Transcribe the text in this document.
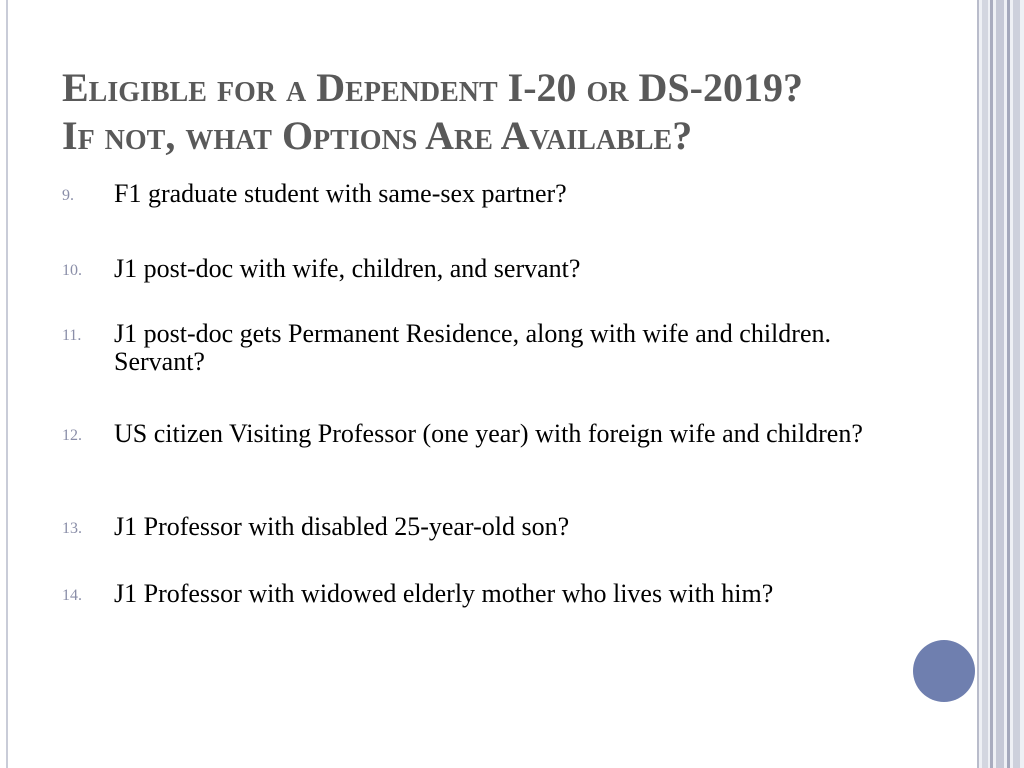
Eligible for a Dependent I-20 or DS-2019?
If not, what Options Are Available?
9. F1 graduate student with same-sex partner?
10. J1 post-doc with wife, children, and servant?
11. J1 post-doc gets Permanent Residence, along with wife and children. Servant?
12. US citizen Visiting Professor (one year) with foreign wife and children?
13. J1 Professor with disabled 25-year-old son?
14. J1 Professor with widowed elderly mother who lives with him?
